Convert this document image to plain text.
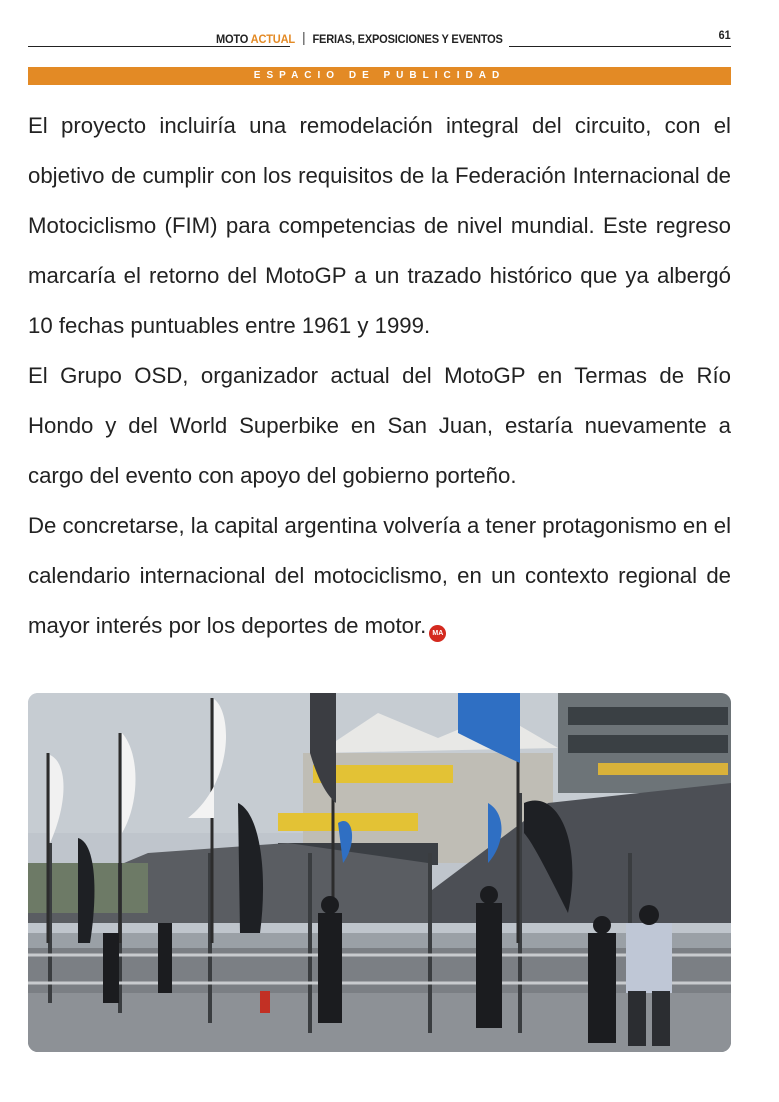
MOTO ACTUAL FERIAS, EXPOSICIONES Y EVENTOS	61
ESPACIO DE PUBLICIDAD

El proyecto incluiría una remodelación integral del circuito, con el objetivo de cumplir con los requisitos de la Federación Internacional de Motociclismo (FIM) para competencias de nivel mundial. Este regreso marcaría el retorno del MotoGP a un trazado histórico que ya albergó 10 fechas puntuables entre 1961 y 1999.

El Grupo OSD, organizador actual del MotoGP en Termas de Río Hondo y del World Superbike en San Juan, estaría nuevamente a cargo del evento con apoyo del gobierno porteño.

De concretarse, la capital argentina volvería a tener protagonismo en el calendario internacional del motociclismo, en un contexto regional de mayor interés por los deportes de motor. MA
